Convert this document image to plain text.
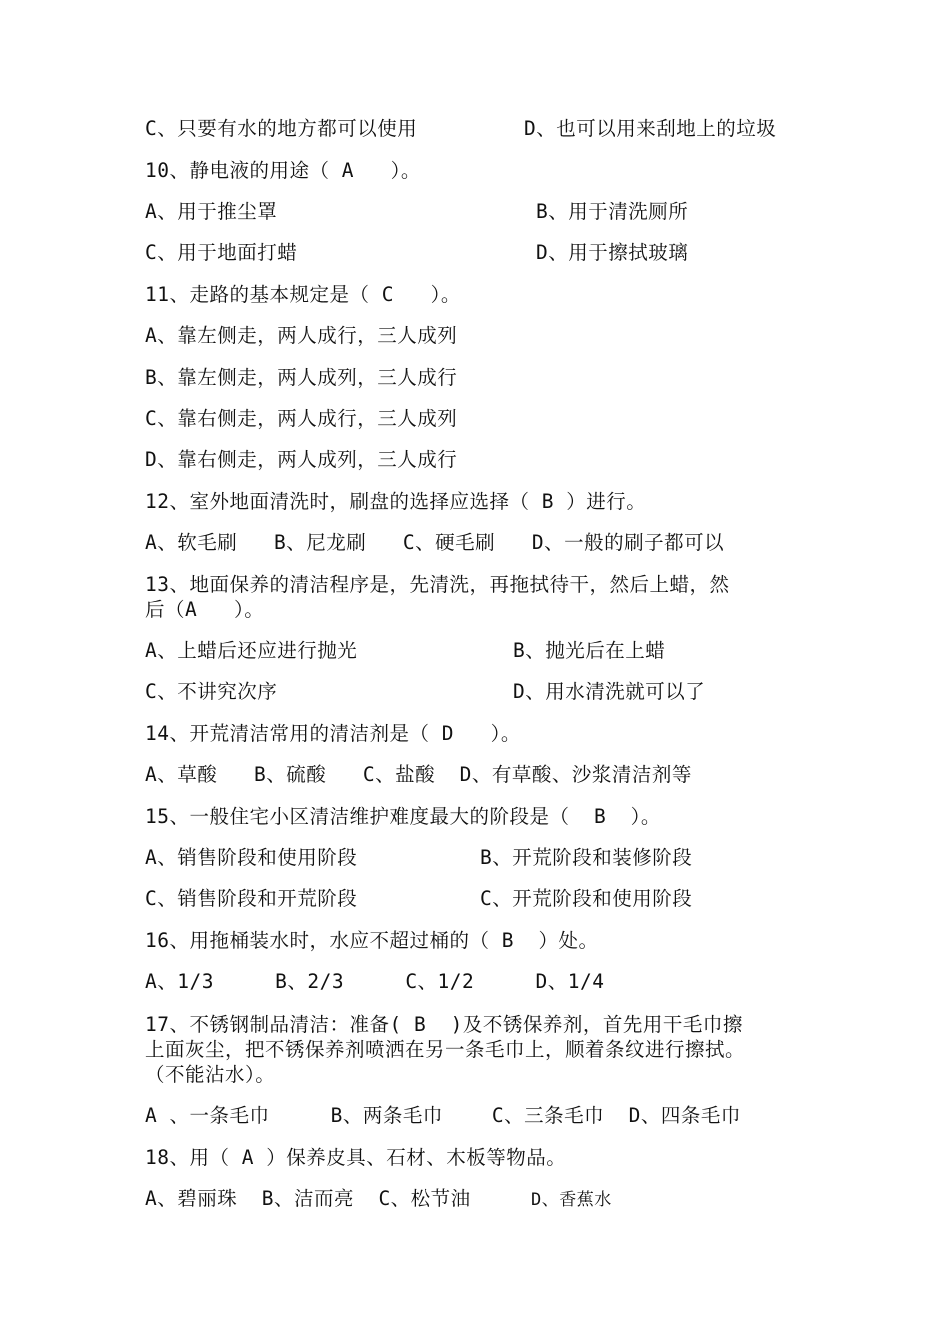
C、只要有水的地方都可以使用	D、也可以用来刮地上的垃圾
10、静电液的用途（ A   ）。
A、用于推尘罩	B、用于清洗厕所
C、用于地面打蜡	D、用于擦拭玻璃
11、走路的基本规定是（ C   ）。
A、靠左侧走，两人成行，三人成列
B、靠左侧走，两人成列，三人成行
C、靠右侧走，两人成行，三人成列
D、靠右侧走，两人成列，三人成行
12、室外地面清洗时，刷盘的选择应选择（ B ）进行。
A、软毛刷   B、尼龙刷   C、硬毛刷   D、一般的刷子都可以
13、地面保养的清洁程序是，先清洗，再拖拭待干，然后上蜡，然
后（A   ）。
A、上蜡后还应进行抛光	B、抛光后在上蜡
C、不讲究次序	D、用水清洗就可以了
14、开荒清洁常用的清洁剂是（ D   ）。
A、草酸   B、硫酸   C、盐酸  D、有草酸、沙浆清洁剂等
15、一般住宅小区清洁维护难度最大的阶段是（  B  ）。
A、销售阶段和使用阶段	B、开荒阶段和装修阶段
C、销售阶段和开荒阶段	C、开荒阶段和使用阶段
16、用拖桶装水时，水应不超过桶的（ B  ）处。
A、1/3     B、2/3     C、1/2     D、1/4
17、不锈钢制品清洁：准备( B  )及不锈保养剂，首先用干毛巾擦
上面灰尘，把不锈保养剂喷洒在另一条毛巾上，顺着条纹进行擦拭。
（不能沾水）。
A 、一条毛巾     B、两条毛巾    C、三条毛巾  D、四条毛巾
18、用（ A ）保养皮具、石材、木板等物品。
A、碧丽珠  B、洁而亮  C、松节油	D、香蕉水
